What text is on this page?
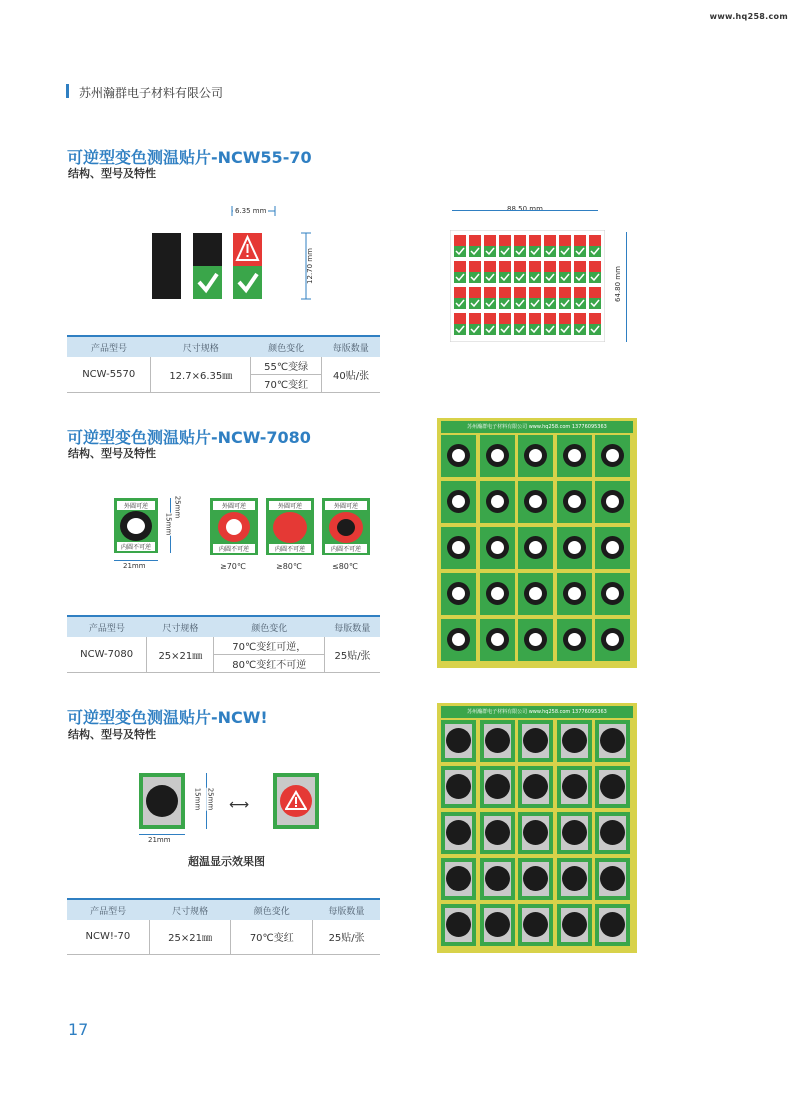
www.hq258.com
苏州瀚群电子材料有限公司
可逆型变色测温贴片-NCW55-70
结构、型号及特性
6.35 mm
12.70 mm
88.50 mm
64.80 mm
产品型号	尺寸规格	颜色变化	每版数量
NCW-5570	12.7×6.35㎜	55℃变绿	40贴/张
		70℃变红	
可逆型变色测温贴片-NCW-7080
结构、型号及特性
外圆可逆
内圆不可逆
25mm
15mm
21mm
外圆可逆
内圆不可逆
≥70℃
外圆可逆
内圆不可逆
≥80℃
外圆可逆
内圆不可逆
≤80℃
苏州瀚群电子材料有限公司 www.hq258.com 13776095363
产品型号	尺寸规格	颜色变化	每版数量
NCW-7080	25×21㎜	70℃变红可逆，	25贴/张
		80℃变红不可逆	
可逆型变色测温贴片-NCW!
结构、型号及特性
25mm
15mm
21mm
⟷
超温显示效果图
苏州瀚群电子材料有限公司 www.hq258.com 13776095363
产品型号	尺寸规格	颜色变化	每版数量
NCW!-70	25×21㎜	70℃变红	25贴/张
17
